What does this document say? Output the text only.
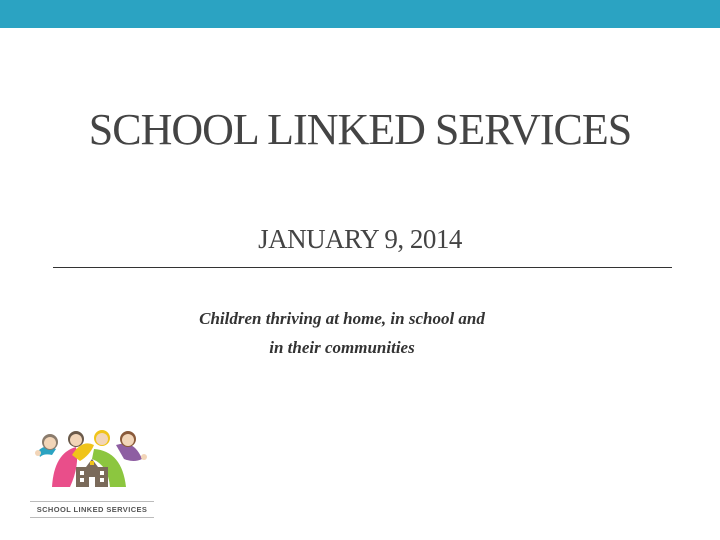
SCHOOL LINKED SERVICES
JANUARY 9, 2014
Children thriving at home, in school and
in their communities
SCHOOL LINKED SERVICES
